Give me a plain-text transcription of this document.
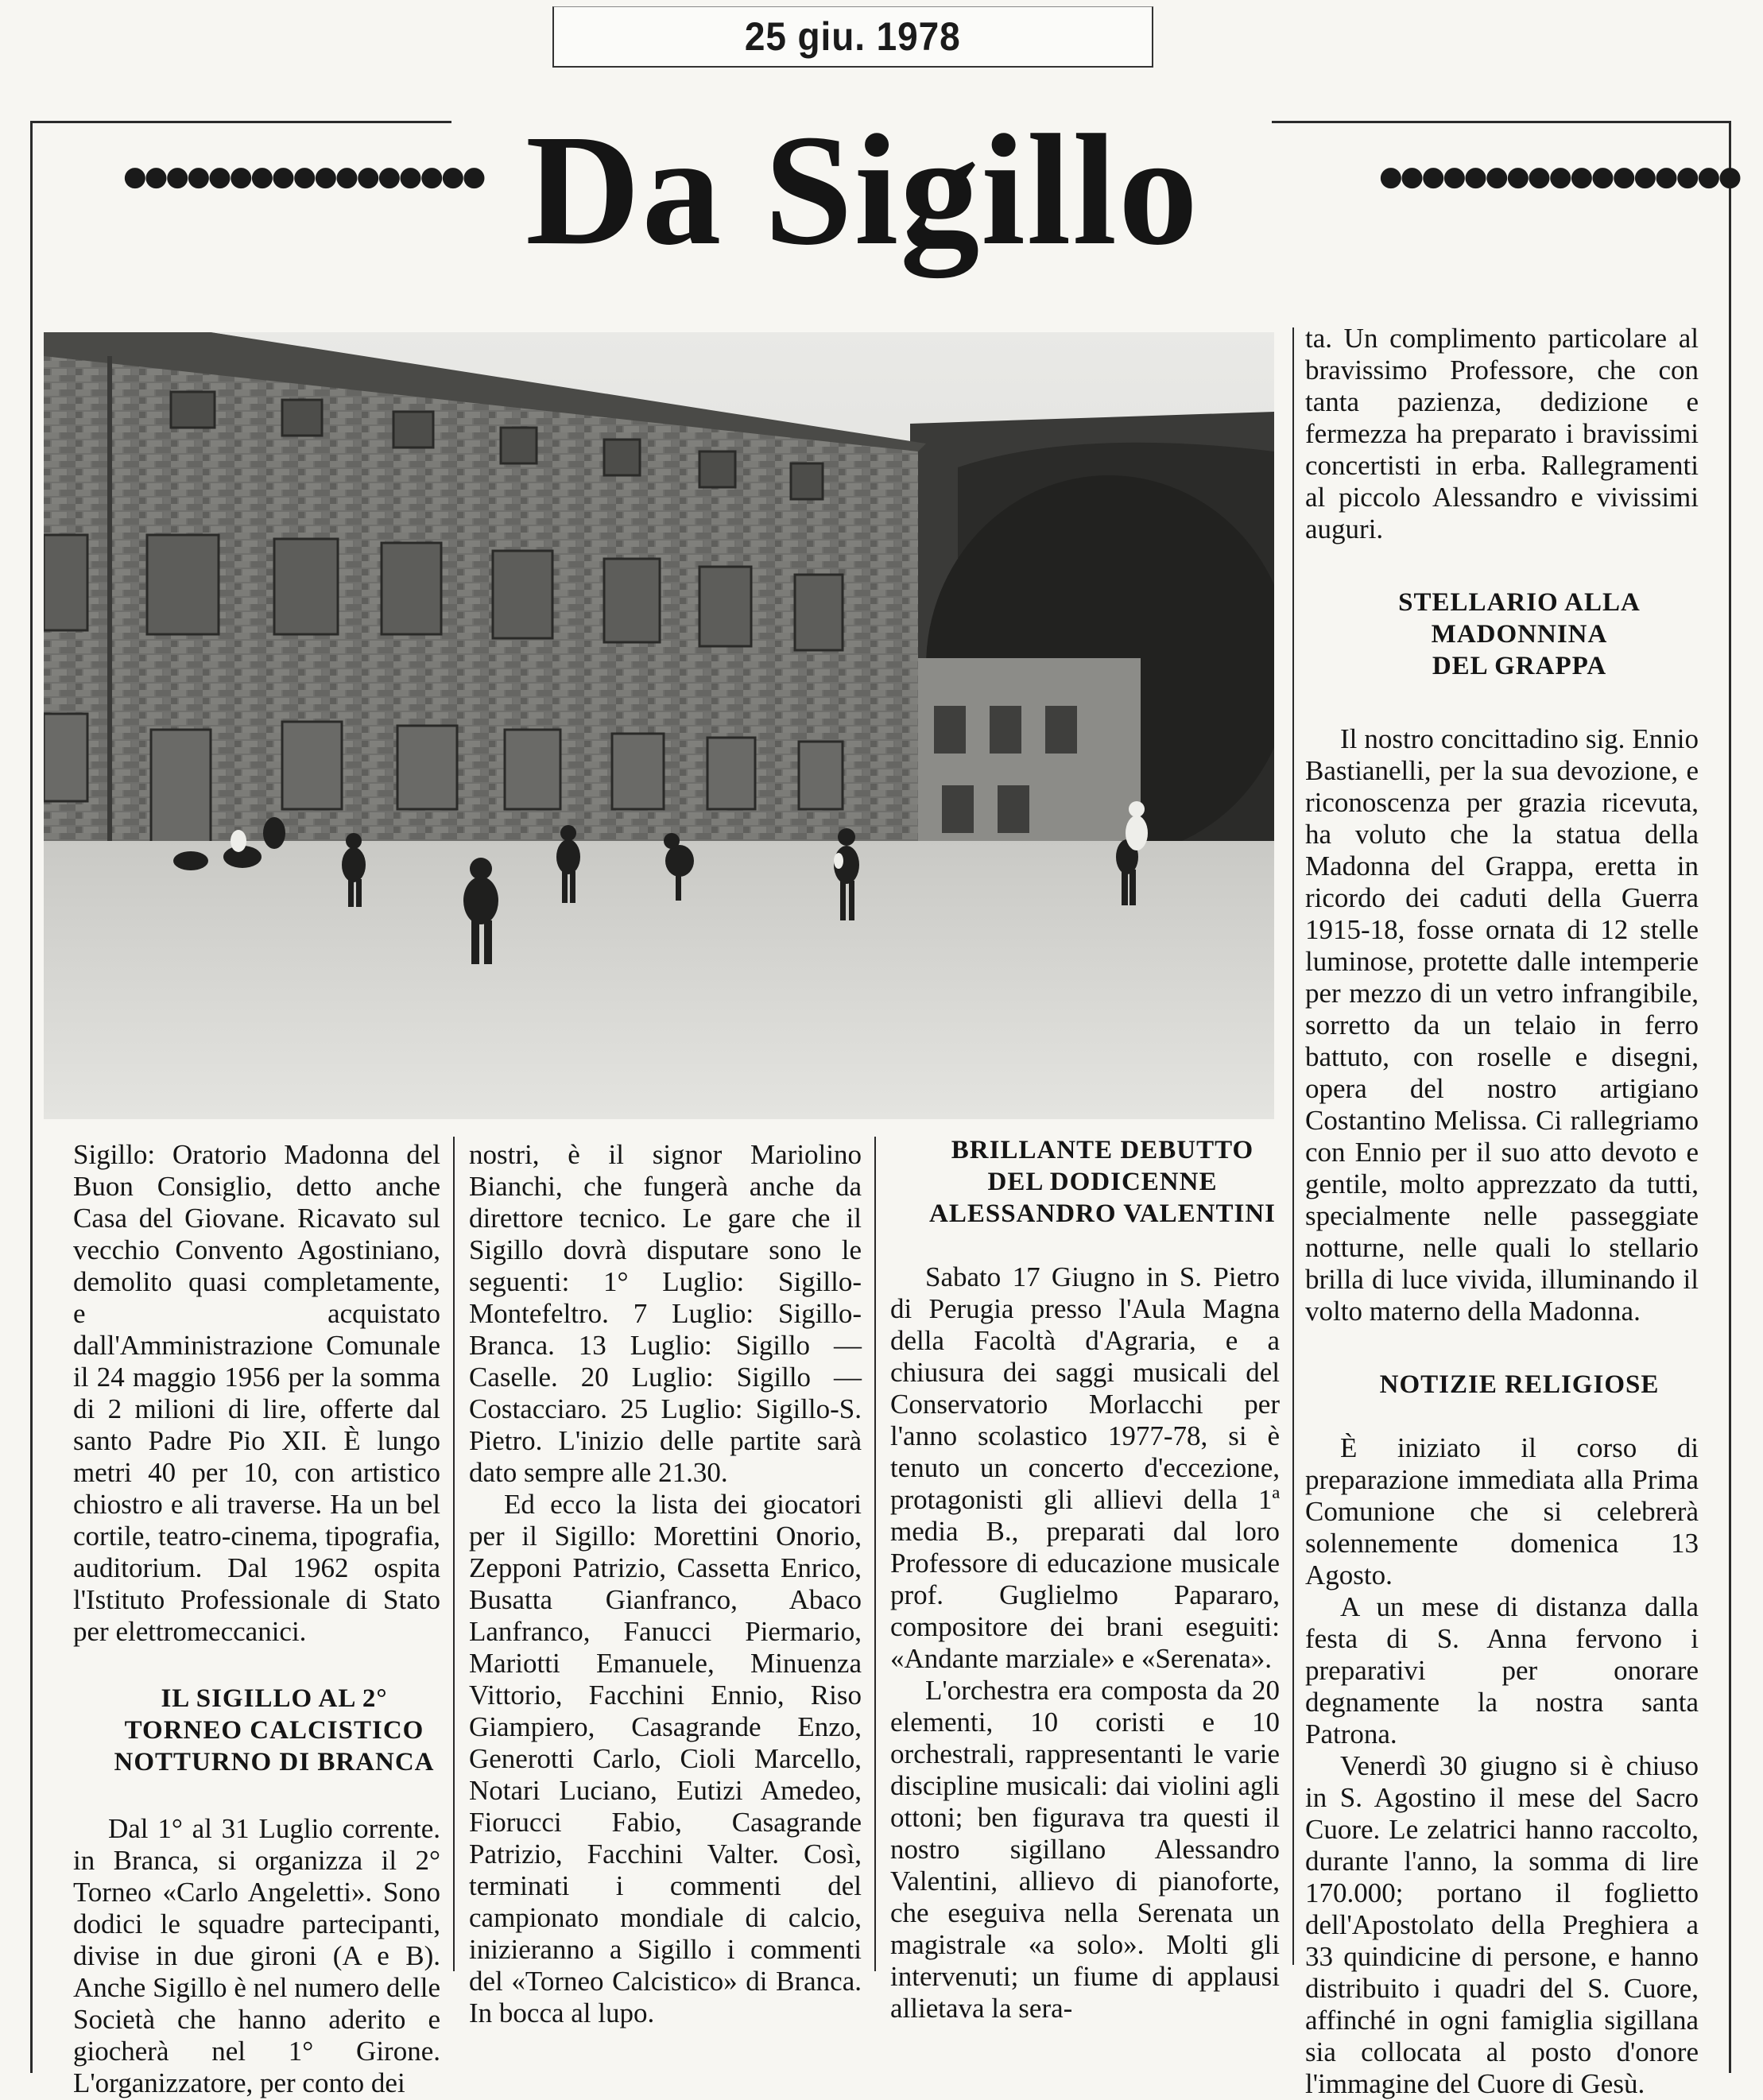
25 giu. 1978
●●●●●●●●●●●●●●●●● Da Sigillo	●●●●●●●●●●●●●●●●●

Sigillo: Oratorio Madonna del Buon Consiglio, detto anche Casa del Giovane. Ricavato sul vecchio Convento Agostiniano, demolito quasi completamente, e acquistato dall'Amministrazione Comunale il 24 maggio 1956 per la somma di 2 milioni di lire, offerte dal santo Padre Pio XII. È lungo metri 40 per 10, con artistico chiostro e ali traverse. Ha un bel cortile, teatro-cinema, tipografia, auditorium. Dal 1962 ospita l'Istituto Professionale di Stato per elettromeccanici.

IL SIGILLO AL 2°

TORNEO CALCISTICO

NOTTURNO DI BRANCA

Dal 1° al 31 Luglio corrente. in Branca, si organizza il 2° Torneo «Carlo Angeletti». Sono dodici le squadre partecipanti, divise in due gironi (A e B). Anche Sigillo è nel numero delle Società che hanno aderito e giocherà nel 1° Girone. L'organizzatore, per conto dei

nostri, è il signor Mariolino Bianchi, che fungerà anche da direttore tecnico. Le gare che il Sigillo dovrà disputare sono le seguenti: 1° Luglio: Sigillo-Montefeltro. 7 Luglio: Sigillo-Branca. 13 Luglio: Sigillo — Caselle. 20 Luglio: Sigillo — Costacciaro. 25 Luglio: Sigillo-S. Pietro. L'inizio delle partite sarà dato sempre alle 21.30.

Ed ecco la lista dei giocatori per il Sigillo: Morettini Onorio, Zepponi Patrizio, Cassetta Enrico, Busatta Gianfranco, Abaco Lanfranco, Fanucci Piermario, Mariotti Emanuele, Minuenza Vittorio, Facchini Ennio, Riso Giampiero, Casagrande Enzo, Generotti Carlo, Cioli Marcello, Notari Luciano, Eutizi Amedeo, Fiorucci Fabio, Casagrande Patrizio, Facchini Valter. Così, terminati i commenti del campionato mondiale di calcio, inizieranno a Sigillo i commenti del «Torneo Calcistico» di Branca. In bocca al lupo.

BRILLANTE DEBUTTO

DEL DODICENNE

ALESSANDRO VALENTINI

Sabato 17 Giugno in S. Pietro di Perugia presso l'Aula Magna della Facoltà d'Agraria, e a chiusura dei saggi musicali del Conservatorio Morlacchi per l'anno scolastico 1977-78, si è tenuto un concerto d'eccezione, protagonisti gli allievi della 1ª media B., preparati dal loro Professore di educazione musicale prof. Guglielmo Papararo, compositore dei brani eseguiti: «Andante marziale» e «Serenata».

L'orchestra era composta da 20 elementi, 10 coristi e 10 orchestrali, rappresentanti le varie discipline musicali: dai violini agli ottoni; ben figurava tra questi il nostro sigillano Alessandro Valentini, allievo di pianoforte, che eseguiva nella Serenata un magistrale «a solo». Molti gli intervenuti; un fiume di applausi allietava la sera-

ta. Un complimento particolare al bravissimo Professore, che con tanta pazienza, dedizione e fermezza ha preparato i bravissimi concertisti in erba. Rallegramenti al piccolo Alessandro e vivissimi auguri.

STELLARIO ALLA

MADONNINA

DEL GRAPPA

Il nostro concittadino sig. Ennio Bastianelli, per la sua devozione, e riconoscenza per grazia ricevuta, ha voluto che la statua della Madonna del Grappa, eretta in ricordo dei caduti della Guerra 1915-18, fosse ornata di 12 stelle luminose, protette dalle intemperie per mezzo di un vetro infrangibile, sorretto da un telaio in ferro battuto, con roselle e disegni, opera del nostro artigiano Costantino Melissa. Ci rallegriamo con Ennio per il suo atto devoto e gentile, molto apprezzato da tutti, specialmente nelle passeggiate notturne, nelle quali lo stellario brilla di luce vivida, illuminando il volto materno della Madonna.

NOTIZIE RELIGIOSE

È iniziato il corso di preparazione immediata alla Prima Comunione che si celebrerà solennemente domenica 13 Agosto.

A un mese di distanza dalla festa di S. Anna fervono i preparativi per onorare degnamente la nostra santa Patrona.

Venerdì 30 giugno si è chiuso in S. Agostino il mese del Sacro Cuore. Le zelatrici hanno raccolto, durante l'anno, la somma di lire 170.000; portano il foglietto dell'Apostolato della Preghiera a 33 quindicine di persone, e hanno distribuito i quadri del S. Cuore, affinché in ogni famiglia sigillana sia collocata al posto d'onore l'immagine del Cuore di Gesù.
